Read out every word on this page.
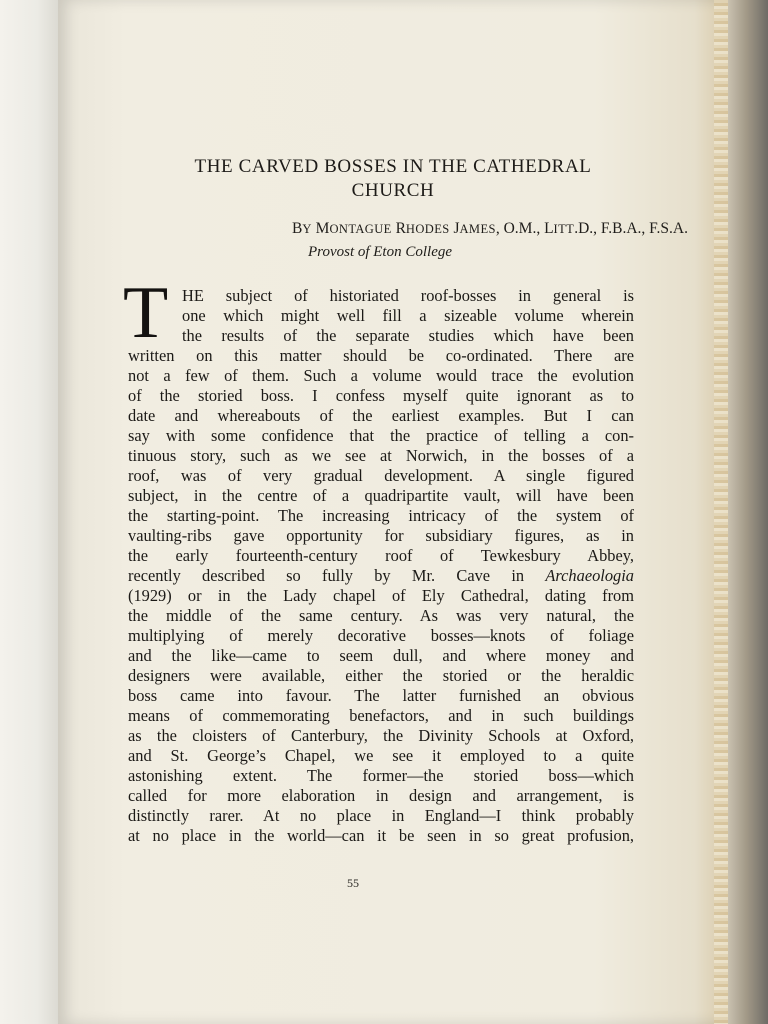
THE CARVED BOSSES IN THE CATHEDRAL
CHURCH
BY MONTAGUE RHODES JAMES, O.M., LITT.D., F.B.A., F.S.A.
Provost of Eton College
T HE subject of historiated roof-bosses in general is
one which might well fill a sizeable volume wherein
the results of the separate studies which have been
written on this matter should be co-ordinated. There are
not a few of them. Such a volume would trace the evolution
of the storied boss. I confess myself quite ignorant as to
date and whereabouts of the earliest examples. But I can
say with some confidence that the practice of telling a con-
tinuous story, such as we see at Norwich, in the bosses of a
roof, was of very gradual development. A single figured
subject, in the centre of a quadripartite vault, will have been
the starting-point. The increasing intricacy of the system of
vaulting-ribs gave opportunity for subsidiary figures, as in
the early fourteenth-century roof of Tewkesbury Abbey,
recently described so fully by Mr. Cave in Archaeologia
(1929) or in the Lady chapel of Ely Cathedral, dating from
the middle of the same century. As was very natural, the
multiplying of merely decorative bosses—knots of foliage
and the like—came to seem dull, and where money and
designers were available, either the storied or the heraldic
boss came into favour. The latter furnished an obvious
means of commemorating benefactors, and in such buildings
as the cloisters of Canterbury, the Divinity Schools at Oxford,
and St. George’s Chapel, we see it employed to a quite
astonishing extent. The former—the storied boss—which
called for more elaboration in design and arrangement, is
distinctly rarer. At no place in England—I think probably
at no place in the world—can it be seen in so great profusion,
55
